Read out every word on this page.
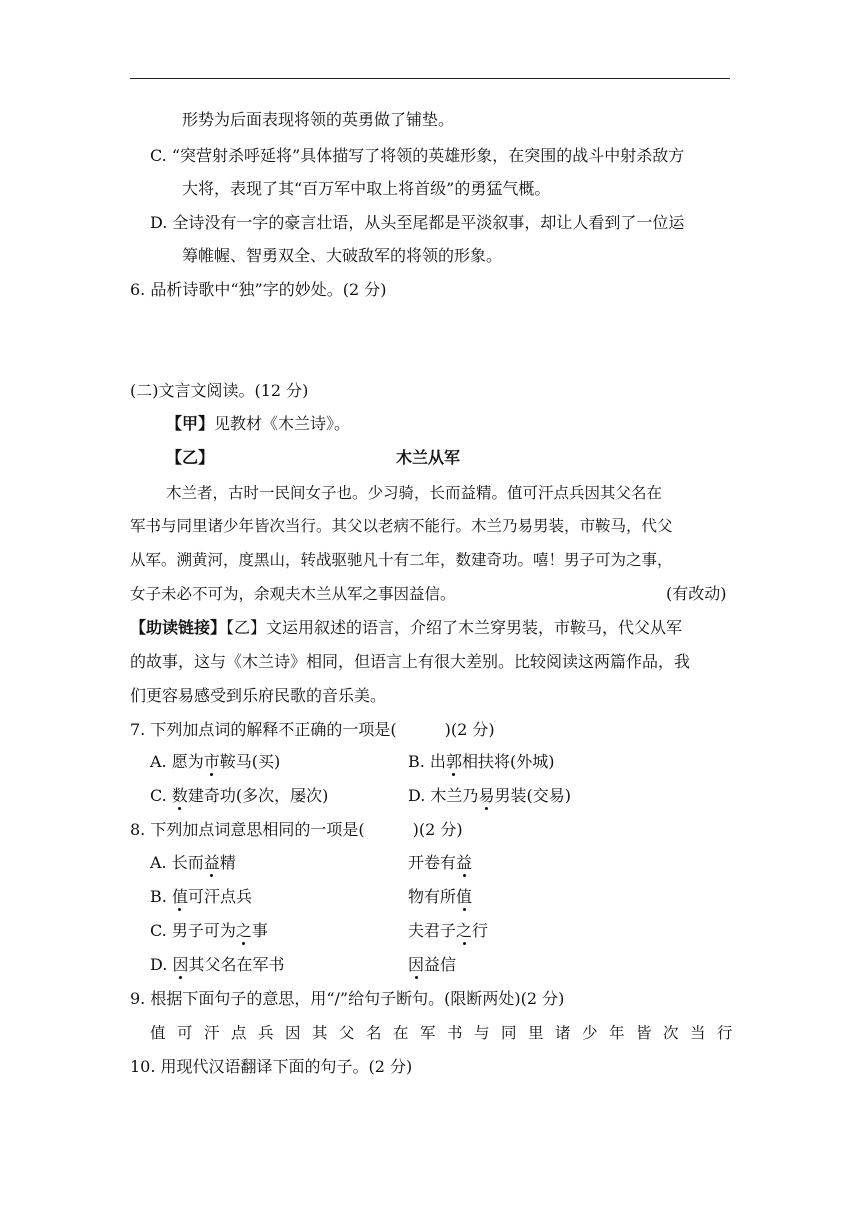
形势为后面表现将领的英勇做了铺垫。
C. “突营射杀呼延将”具体描写了将领的英雄形象，在突围的战斗中射杀敌方
大将，表现了其“百万军中取上将首级”的勇猛气概。
D. 全诗没有一字的豪言壮语，从头至尾都是平淡叙事，却让人看到了一位运
筹帷幄、智勇双全、大破敌军的将领的形象。
6. 品析诗歌中“独”字的妙处。(2 分)
(二)文言文阅读。(12 分)
【甲】见教材《木兰诗》。
【乙】	木兰从军
木兰者，古时一民间女子也。少习骑，长而益精。值可汗点兵因其父名在
军书与同里诸少年皆次当行。其父以老病不能行。木兰乃易男装，市鞍马，代父
从军。溯黄河，度黑山，转战驱驰凡十有二年，数建奇功。嘻！男子可为之事，
女子未必不可为，余观夫木兰从军之事因益信。	(有改动)
【助读链接】【乙】文运用叙述的语言，介绍了木兰穿男装，市鞍马，代父从军
的故事，这与《木兰诗》相同，但语言上有很大差别。比较阅读这两篇作品，我
们更容易感受到乐府民歌的音乐美。
7. 下列加点词的解释不正确的一项是(　　　)(2 分)
A. 愿为市鞍马(买)	B. 出郭相扶将(外城)
C. 数建奇功(多次，屡次)	D. 木兰乃易男装(交易)
8. 下列加点词意思相同的一项是(　　　)(2 分)
A. 长而益精	开卷有益
B. 值可汗点兵	物有所值
C. 男子可为之事	夫君子之行
D. 因其父名在军书	因益信
9. 根据下面句子的意思，用“/”给句子断句。(限断两处)(2 分)
值可汗点兵因其父名在军书与同里诸少年皆次当行
10. 用现代汉语翻译下面的句子。(2 分)
